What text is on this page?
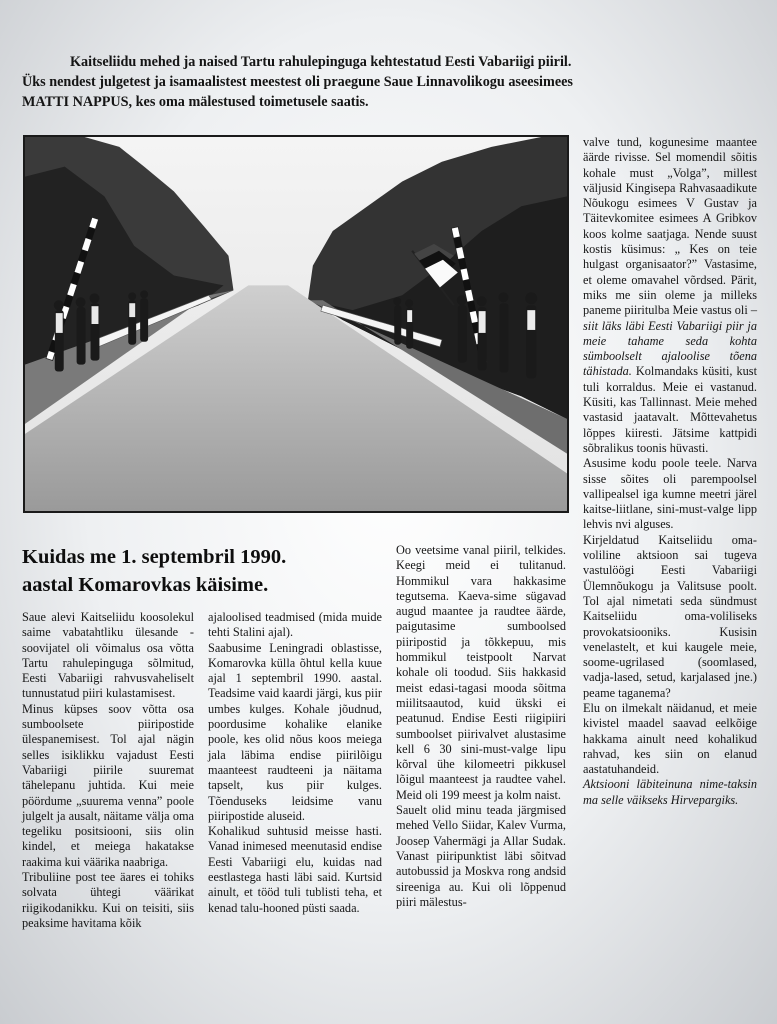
Kaitseliidu mehed ja naised Tartu rahulepinguga kehtestatud Eesti Vabariigi piiril.

Üks nendest julgetest ja isamaalistest meestest oli praegune Saue Linnavolikogu aseesimees

MATTI NAPPUS, kes oma mälestused toimetusele saatis.

Kuidas me 1. septembril 1990.
aastal Komarovkas käisime.

Saue alevi Kaitseliidu koosolekul saime vabatahtliku ülesande - soovijatel oli võimalus osa võtta Tartu rahulepinguga sõlmitud, Eesti Vabariigi rahvusvaheliselt tunnustatud piiri kulastamisest.

Minus küpses soov võtta osa sumboolsete piiripostide ülespanemisest. Tol ajal nägin selles isiklikku vajadust Eesti Vabariigi piirile suuremat tähelepanu juhtida. Kui meie pöördume „suurema venna” poole julgelt ja ausalt, näitame välja oma tegeliku positsiooni, siis olin kindel, et meiega hakatakse raakima kui väärika naabriga.

Tribuliine post tee äares ei tohiks solvata ühtegi väärikat riigikodanikku. Kui on teisiti, siis peaksime havitama kõik

ajaloolised teadmised (mida muide tehti Stalini ajal).

Saabusime Leningradi oblastisse, Komarovka külla õhtul kella kuue ajal 1 septembril 1990. aastal. Teadsime vaid kaardi järgi, kus piir umbes kulges. Kohale jõudnud, poordusime kohalike elanike poole, kes olid nõus koos meiega jala läbima endise piirilõigu maanteest raudteeni ja näitama tapselt, kus piir kulges. Tõenduseks leidsime vanu piiripostide aluseid.

Kohalikud suhtusid meisse hasti. Vanad inimesed meenutasid endise Eesti Vabariigi elu, kuidas nad eestlastega hasti läbi said. Kurtsid ainult, et tööd tuli tublisti teha, et kenad talu-hooned püsti saada.

Oo veetsime vanal piiril, telkides. Keegi meid ei tulitanud. Hommikul vara hakkasime tegutsema. Kaeva-sime sügavad augud maantee ja raudtee äärde, paigutasime sumboolsed piiripostid ja tõkkepuu, mis hommikul teistpoolt Narvat kohale oli toodud. Siis hakkasid meist edasi-tagasi mooda sõitma miilitsaautod, kuid ükski ei peatunud. Endise Eesti riigipiiri sumboolset piirivalvet alustasime kell 6 30 sini-must-valge lipu kõrval ühe kilomeetri pikkusel lõigul maanteest ja raudtee vahel. Meid oli 199 meest ja kolm naist.

Sauelt olid minu teada järgmised mehed Vello Siidar, Kalev Vurma, Joosep Vahermägi ja Allar Sudak. Vanast piiripunktist läbi sõitvad autobussid ja Moskva rong andsid sireeniga au. Kui oli lõppenud piiri mälestus-

valve tund, kogunesime maantee äärde rivisse. Sel momendil sõitis kohale must „Volga”, millest väljusid Kingisepa Rahvasaadikute Nõukogu esimees V Gustav ja Täitevkomitee esimees A Gribkov koos kolme saatjaga. Nende suust kostis küsimus: „ Kes on teie hulgast organisaator?” Vastasime, et oleme omavahel võrdsed. Pärit, miks me siin oleme ja milleks paneme piiritulba Meie vastus oli – siit läks läbi Eesti Vabariigi piir ja meie tahame seda kohta sümboolselt ajaloolise tõena tähistada. Kolmandaks küsiti, kust tuli korraldus. Meie ei vastanud. Küsiti, kas Tallinnast. Meie mehed vastasid jaatavalt. Mõttevahetus lõppes kiiresti. Jätsime kattpidi sõbralikus toonis hüvasti.

Asusime kodu poole teele. Narva sisse sõites oli parempoolsel vallipealsel iga kumne meetri järel kaitse-liitlane, sini-must-valge lipp lehvis nvi alguses.

Kirjeldatud Kaitseliidu oma-voliline aktsioon sai tugeva vastulöögi Eesti Vabariigi Ülemnõukogu ja Valitsuse poolt. Tol ajal nimetati seda sündmust Kaitseliidu oma-voliliseks provokatsiooniks. Kusisin venelastelt, et kui kaugele meie, soome-ugrilased (soomlased, vadja-lased, setud, karjalased jne.) peame taganema?

Elu on ilmekalt näidanud, et meie kivistel maadel saavad eelkõige hakkama ainult need kohalikud rahvad, kes siin on elanud aastatuhandeid.

Aktsiooni läbiteinuna nime-taksin ma selle väikseks Hirvepargiks.
